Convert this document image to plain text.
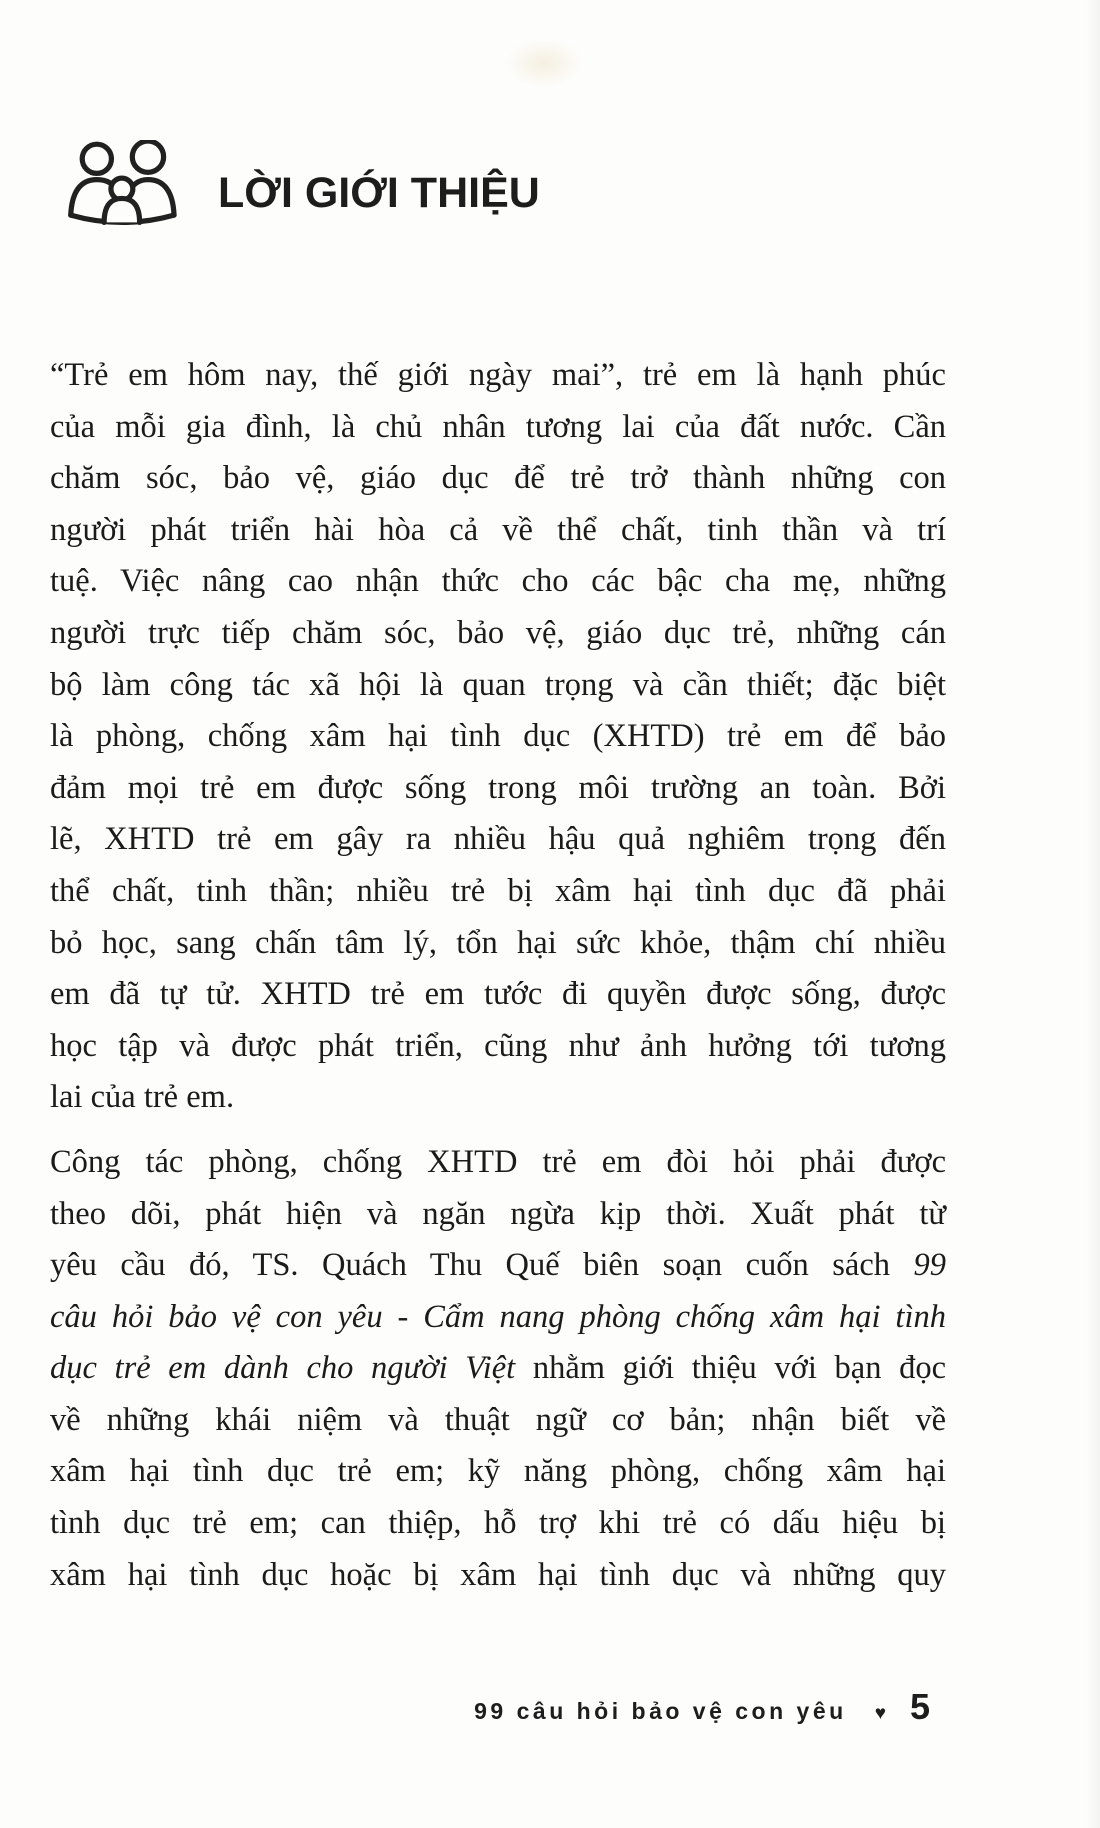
LỜI GIỚI THIỆU
“Trẻ em hôm nay, thế giới ngày mai”, trẻ em là hạnh phúc
của mỗi gia đình, là chủ nhân tương lai của đất nước. Cần
chăm sóc, bảo vệ, giáo dục để trẻ trở thành những con
người phát triển hài hòa cả về thể chất, tinh thần và trí
tuệ. Việc nâng cao nhận thức cho các bậc cha mẹ, những
người trực tiếp chăm sóc, bảo vệ, giáo dục trẻ, những cán
bộ làm công tác xã hội là quan trọng và cần thiết; đặc biệt
là phòng, chống xâm hại tình dục (XHTD) trẻ em để bảo
đảm mọi trẻ em được sống trong môi trường an toàn. Bởi
lẽ, XHTD trẻ em gây ra nhiều hậu quả nghiêm trọng đến
thể chất, tinh thần; nhiều trẻ bị xâm hại tình dục đã phải
bỏ học, sang chấn tâm lý, tổn hại sức khỏe, thậm chí nhiều
em đã tự tử. XHTD trẻ em tước đi quyền được sống, được
học tập và được phát triển, cũng như ảnh hưởng tới tương
lai của trẻ em.
Công tác phòng, chống XHTD trẻ em đòi hỏi phải được
theo dõi, phát hiện và ngăn ngừa kịp thời. Xuất phát từ
yêu cầu đó, TS. Quách Thu Quế biên soạn cuốn sách 99
câu hỏi bảo vệ con yêu - Cẩm nang phòng chống xâm hại tình
dục trẻ em dành cho người Việt nhằm giới thiệu với bạn đọc
về những khái niệm và thuật ngữ cơ bản; nhận biết về
xâm hại tình dục trẻ em; kỹ năng phòng, chống xâm hại
tình dục trẻ em; can thiệp, hỗ trợ khi trẻ có dấu hiệu bị
xâm hại tình dục hoặc bị xâm hại tình dục và những quy
99 câu hỏi bảo vệ con yêu ♥ 5
